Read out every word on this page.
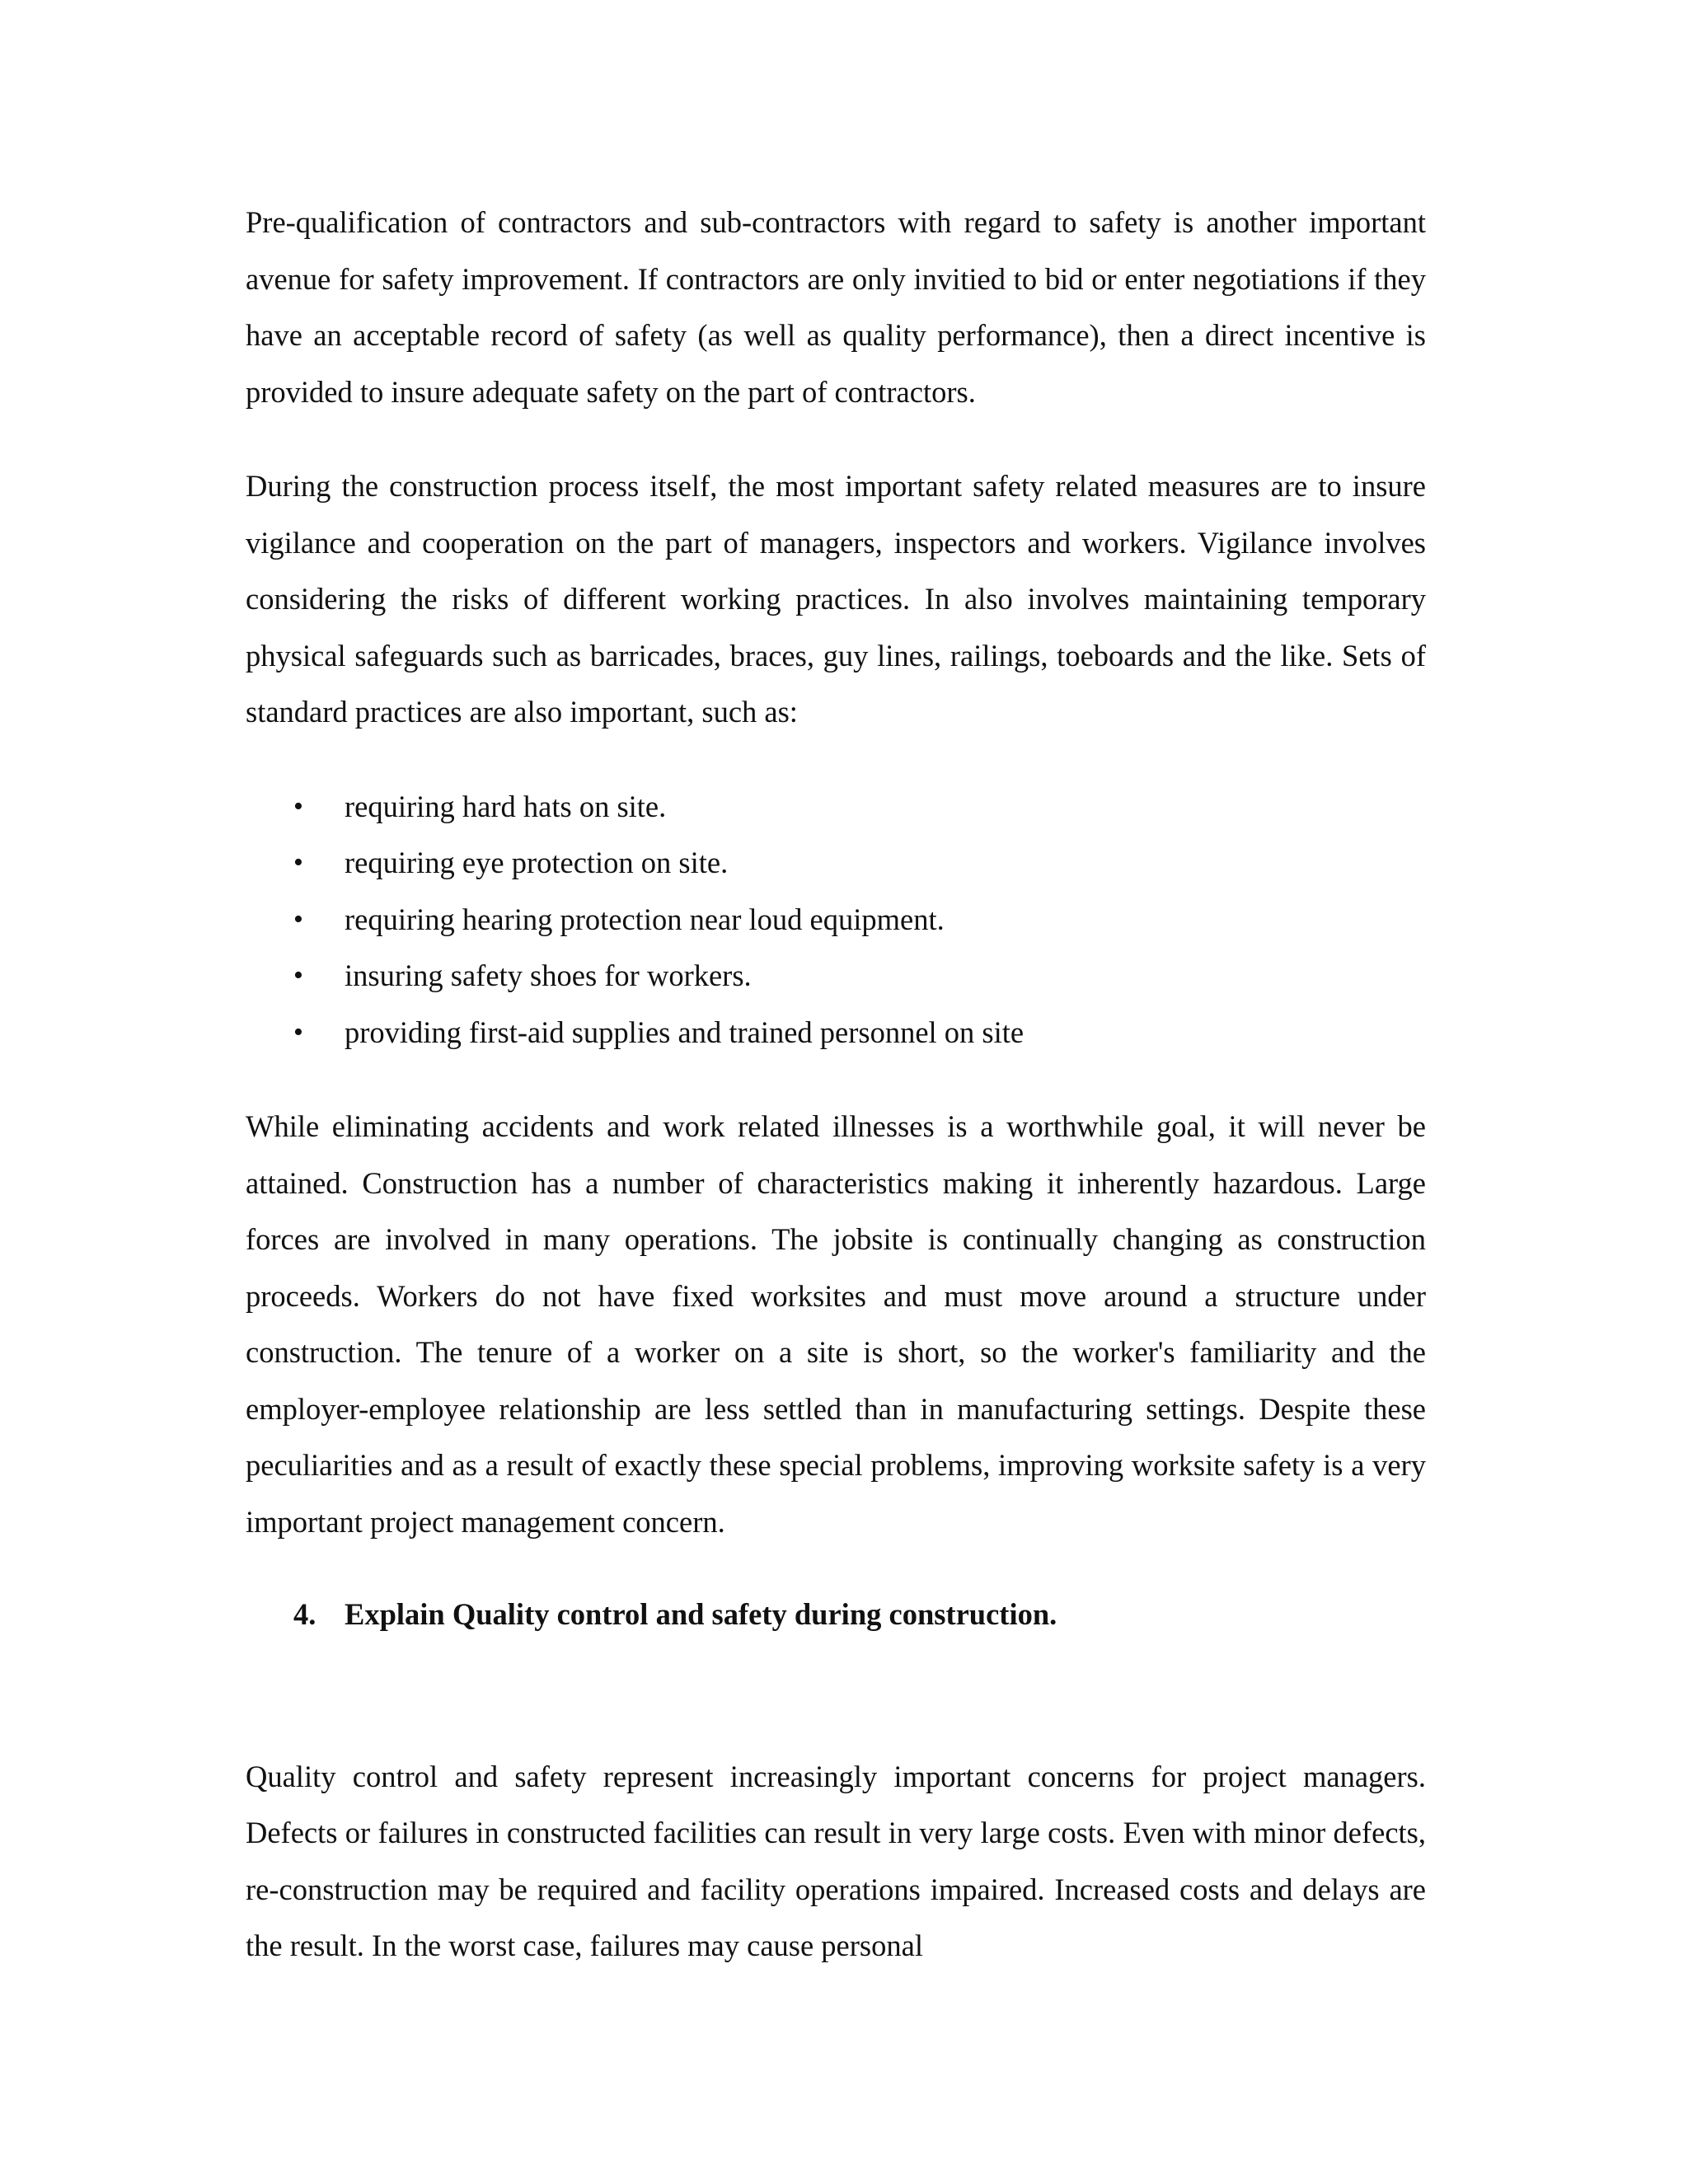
Pre-qualification of contractors and sub-contractors with regard to safety is another important avenue for safety improvement. If contractors are only invitied to bid or enter negotiations if they have an acceptable record of safety (as well as quality performance), then a direct incentive is provided to insure adequate safety on the part of contractors.

During the construction process itself, the most important safety related measures are to insure vigilance and cooperation on the part of managers, inspectors and workers. Vigilance involves considering the risks of different working practices. In also involves maintaining temporary physical safeguards such as barricades, braces, guy lines, railings, toeboards and the like. Sets of standard practices are also important, such as:

• requiring hard hats on site.
• requiring eye protection on site.
• requiring hearing protection near loud equipment.
• insuring safety shoes for workers.
• providing first-aid supplies and trained personnel on site

While eliminating accidents and work related illnesses is a worthwhile goal, it will never be attained. Construction has a number of characteristics making it inherently hazardous. Large forces are involved in many operations. The jobsite is continually changing as construction proceeds. Workers do not have fixed worksites and must move around a structure under construction. The tenure of a worker on a site is short, so the worker's familiarity and the employer-employee relationship are less settled than in manufacturing settings. Despite these peculiarities and as a result of exactly these special problems, improving worksite safety is a very important project management concern.

4. Explain Quality control and safety during construction.

Quality control and safety represent increasingly important concerns for project managers. Defects or failures in constructed facilities can result in very large costs. Even with minor defects, re-construction may be required and facility operations impaired. Increased costs and delays are the result. In the worst case, failures may cause personal
